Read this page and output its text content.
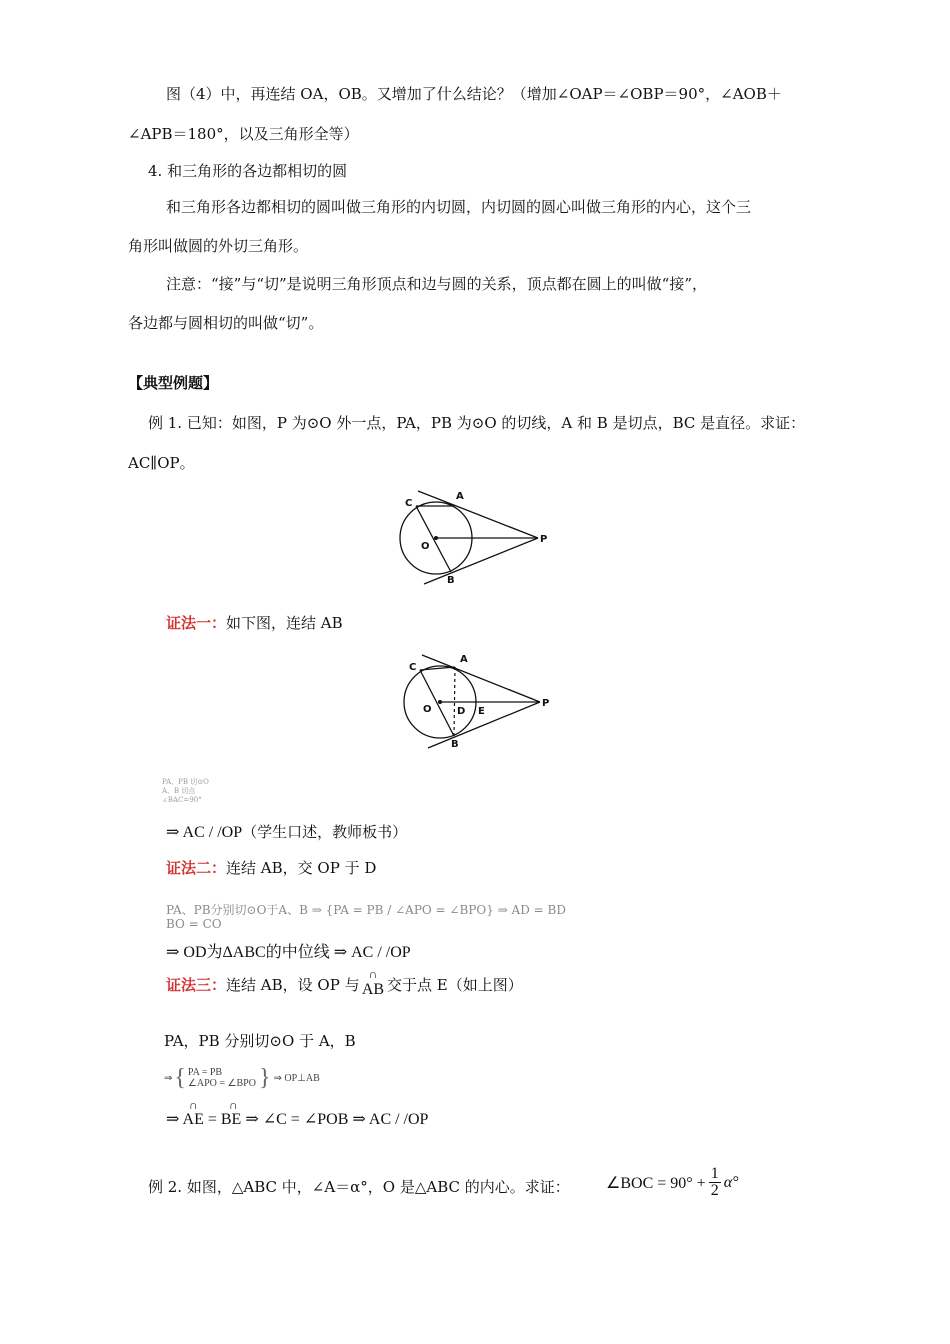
图（4）中，再连结 OA，OB。又增加了什么结论？（增加∠OAP＝∠OBP＝90°，∠AOB＋
∠APB＝180°，以及三角形全等）
4. 和三角形的各边都相切的圆
和三角形各边都相切的圆叫做三角形的内切圆，内切圆的圆心叫做三角形的内心，这个三
角形叫做圆的外切三角形。
注意：“接”与“切”是说明三角形顶点和边与圆的关系，顶点都在圆上的叫做“接”，
各边都与圆相切的叫做“切”。
【典型例题】
例 1. 已知：如图，P 为⊙O 外一点，PA，PB 为⊙O 的切线，A 和 B 是切点，BC 是直径。求证：
AC∥OP。
C
A
O
P
B
证法一：如下图，连结 AB
C
A
O	D E
P
B
PA、PB 切⊙O
A、B 切点
∠BAC=90°
⇒ AC / /OP（学生口述，教师板书）
证法二：连结 AB，交 OP 于 D
PA、PB分别切⊙O于A、B ⇒ {PA = PB / ∠APO = ∠BPO} ⇒ AD = BD
BO = CO
⇒ OD为ΔABC的中位线 ⇒ AC / /OP
证法三：连结 AB，设 OP 与
∩
AB 交于点 E（如上图）
PA，PB 分别切⊙O 于 A，B
⇒ { PA = PB
∠APO = ∠BPO } ⇒ OP⊥AB
∩	∩
⇒ AE = BE ⇒ ∠C = ∠POB ⇒ AC / /OP
例 2. 如图，△ABC 中，∠A＝α°，O 是△ABC 的内心。求证： ∠BOC = $90^\circ + \frac{1}{2} \alpha^\circ$
